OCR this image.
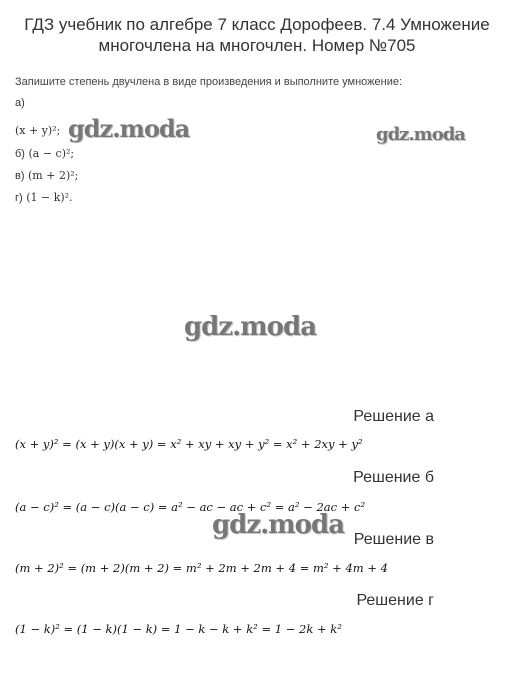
ГДЗ учебник по алгебре 7 класс Дорофеев. 7.4 Умножение
многочлена на многочлен. Номер №705
Запишите степень двучлена в виде произведения и выполните умножение:
а)
(x + y)²;
б) (a − c)²;
в) (m + 2)²;
г) (1 − k)².
gdz.moda	gdz.moda
gdz.moda
gdz.moda
Решение а
(x + y)² = (x + y)(x + y) = x² + xy + xy + y² = x² + 2xy + y²
Решение б
(a − c)² = (a − c)(a − c) = a² − ac − ac + c² = a² − 2ac + c²
Решение в
(m + 2)² = (m + 2)(m + 2) = m² + 2m + 2m + 4 = m² + 4m + 4
Решение г
(1 − k)² = (1 − k)(1 − k) = 1 − k − k + k² = 1 − 2k + k²
